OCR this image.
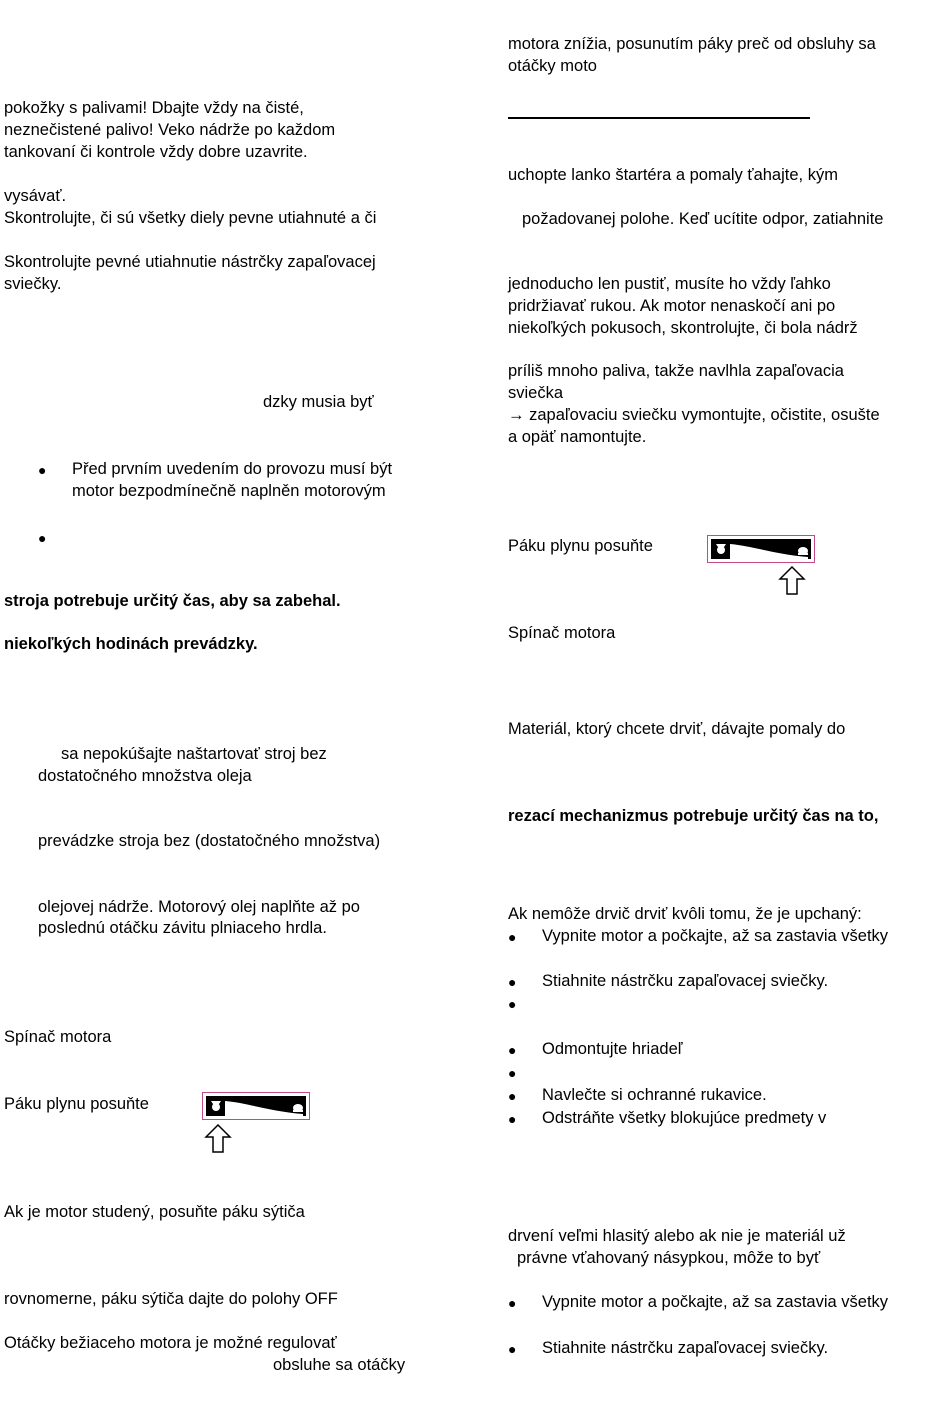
pokožky s palivami! Dbajte vždy na čisté,
neznečistené palivo! Veko nádrže po každom
tankovaní či kontrole vždy dobre uzavrite.
vysávať.
Skontrolujte, či sú všetky diely pevne utiahnuté a či
Skontrolujte pevné utiahnutie nástrčky zapaľovacej
sviečky.
dzky musia byť
● Před prvním uvedením do provozu musí být
motor bezpodmínečně naplněn motorovým
●
stroja potrebuje určitý čas, aby sa zabehal.
niekoľkých hodinách prevádzky.
sa nepokúšajte naštartovať stroj bez
dostatočného množstva oleja
prevádzke stroja bez (dostatočného množstva)
olejovej nádrže. Motorový olej naplňte až po
poslednú otáčku závitu plniaceho hrdla.
Spínač motora
Páku plynu posuňte
Ak je motor studený, posuňte páku sýtiča
rovnomerne, páku sýtiča dajte do polohy OFF
Otáčky bežiaceho motora je možné regulovať
obsluhe sa otáčky
motora znížia, posunutím páky preč od obsluhy sa
otáčky moto
uchopte lanko štartéra a pomaly ťahajte, kým
požadovanej polohe. Keď ucítite odpor, zatiahnite
jednoducho len pustiť, musíte ho vždy ľahko
pridržiavať rukou. Ak motor nenaskočí ani po
niekoľkých pokusoch, skontrolujte, či bola nádrž
príliš mnoho paliva, takže navlhla zapaľovacia
sviečka
→ zapaľovaciu sviečku vymontujte, očistite, osušte
a opäť namontujte.
Páku plynu posuňte
Spínač motora
Materiál, ktorý chcete drviť, dávajte pomaly do
rezací mechanizmus potrebuje určitý čas na to,
Ak nemôže drvič drviť kvôli tomu, že je upchaný:
● Vypnite motor a počkajte, až sa zastavia všetky
● Stiahnite nástrčku zapaľovacej sviečky.
●
● Odmontujte hriadeľ
●
● Navlečte si ochranné rukavice.
● Odstráňte všetky blokujúce predmety v
drvení veľmi hlasitý alebo ak nie je materiál už
právne vťahovaný násypkou, môže to byť
● Vypnite motor a počkajte, až sa zastavia všetky
● Stiahnite nástrčku zapaľovacej sviečky.
